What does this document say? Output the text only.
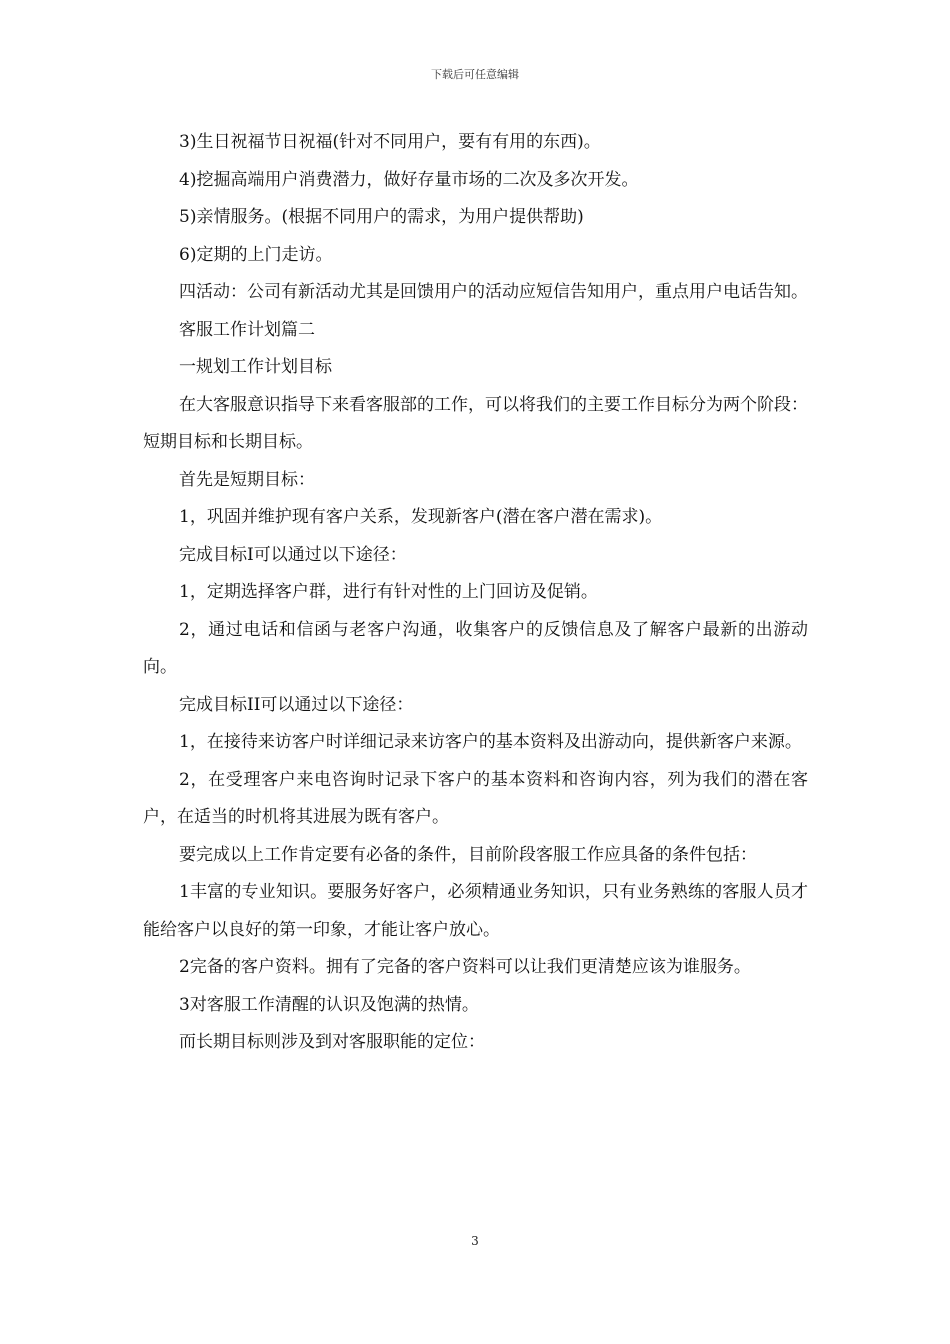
下载后可任意编辑

3)生日祝福节日祝福(针对不同用户，要有有用的东西)。

4)挖掘高端用户消费潜力，做好存量市场的二次及多次开发。

5)亲情服务。(根据不同用户的需求，为用户提供帮助)

6)定期的上门走访。

四活动：公司有新活动尤其是回馈用户的活动应短信告知用户，重点用户电话告知。

客服工作计划篇二

一规划工作计划目标

在大客服意识指导下来看客服部的工作，可以将我们的主要工作目标分为两个阶段：短期目标和长期目标。

首先是短期目标：

1，巩固并维护现有客户关系，发现新客户(潜在客户潜在需求)。

完成目标I可以通过以下途径：

1，定期选择客户群，进行有针对性的上门回访及促销。

2，通过电话和信函与老客户沟通，收集客户的反馈信息及了解客户最新的出游动向。

完成目标II可以通过以下途径：

1，在接待来访客户时详细记录来访客户的基本资料及出游动向，提供新客户来源。

2，在受理客户来电咨询时记录下客户的基本资料和咨询内容，列为我们的潜在客户，在适当的时机将其进展为既有客户。

要完成以上工作肯定要有必备的条件，目前阶段客服工作应具备的条件包括：

1丰富的专业知识。要服务好客户，必须精通业务知识，只有业务熟练的客服人员才能给客户以良好的第一印象，才能让客户放心。

2完备的客户资料。拥有了完备的客户资料可以让我们更清楚应该为谁服务。

3对客服工作清醒的认识及饱满的热情。

而长期目标则涉及到对客服职能的定位：

3
